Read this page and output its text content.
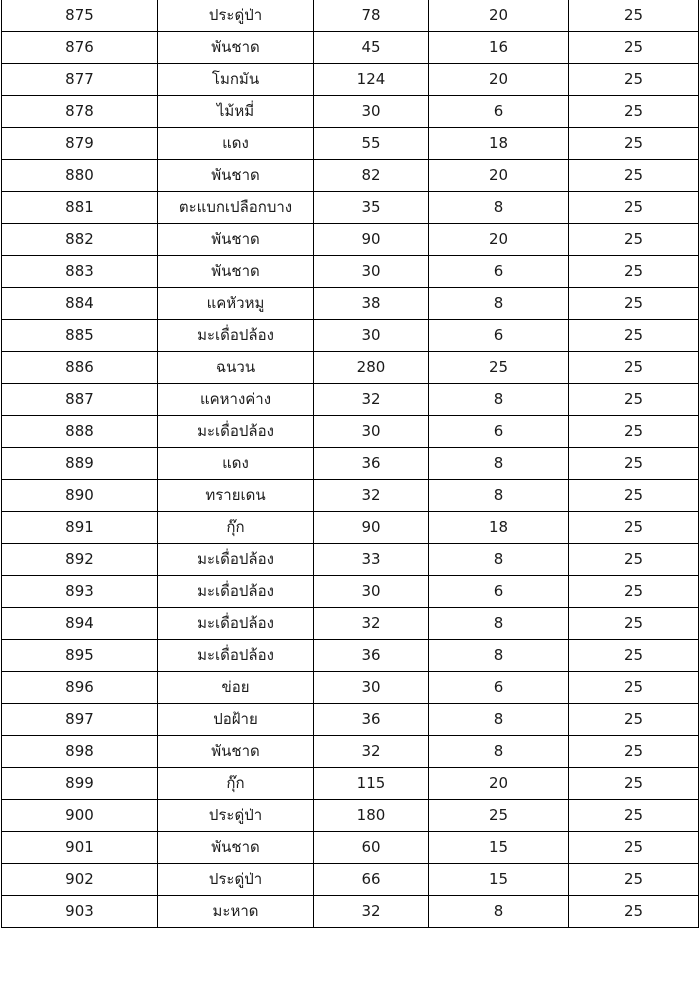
875	ประดู่ป่า	78	20	25
876	พันชาด	45	16	25
877	โมกมัน	124	20	25
878	ไม้หมี่	30	6	25
879	แดง	55	18	25
880	พันชาด	82	20	25
881	ตะแบกเปลือกบาง	35	8	25
882	พันชาด	90	20	25
883	พันชาด	30	6	25
884	แคหัวหมู	38	8	25
885	มะเดื่อปล้อง	30	6	25
886	ฉนวน	280	25	25
887	แคหางค่าง	32	8	25
888	มะเดื่อปล้อง	30	6	25
889	แดง	36	8	25
890	ทรายเดน	32	8	25
891	กุ๊ก	90	18	25
892	มะเดื่อปล้อง	33	8	25
893	มะเดื่อปล้อง	30	6	25
894	มะเดื่อปล้อง	32	8	25
895	มะเดื่อปล้อง	36	8	25
896	ข่อย	30	6	25
897	ปอฝ้าย	36	8	25
898	พันชาด	32	8	25
899	กุ๊ก	115	20	25
900	ประดู่ป่า	180	25	25
901	พันชาด	60	15	25
902	ประดู่ป่า	66	15	25
903	มะหาด	32	8	25
